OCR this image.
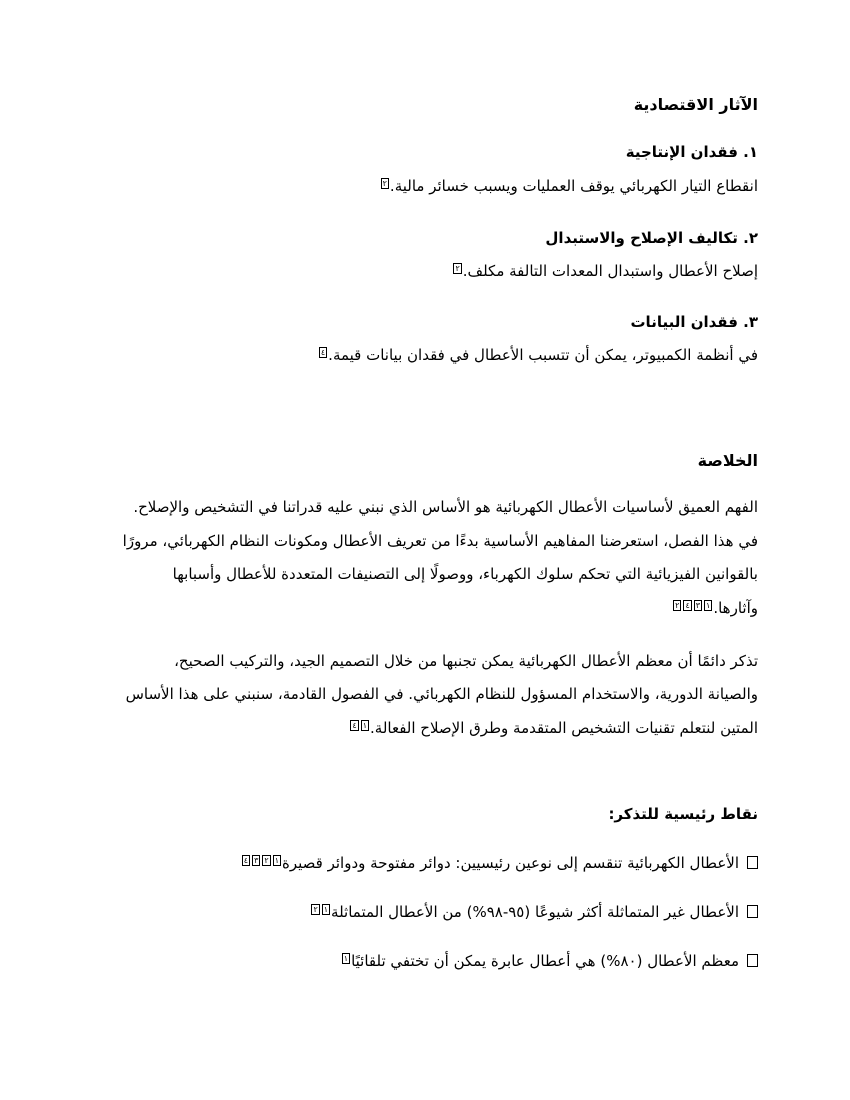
الآثار الاقتصادية
١. فقدان الإنتاجية
انقطاع التيار الكهربائي يوقف العمليات ويسبب خسائر مالية.٢
٢. تكاليف الإصلاح والاستبدال
إصلاح الأعطال واستبدال المعدات التالفة مكلف.٢
٣. فقدان البيانات
في أنظمة الكمبيوتر، يمكن أن تتسبب الأعطال في فقدان بيانات قيمة.٤
الخلاصة
الفهم العميق لأساسيات الأعطال الكهربائية هو الأساس الذي نبني عليه قدراتنا في التشخيص والإصلاح.
في هذا الفصل، استعرضنا المفاهيم الأساسية بدءًا من تعريف الأعطال ومكونات النظام الكهربائي، مرورًا
بالقوانين الفيزيائية التي تحكم سلوك الكهرباء، ووصولًا إلى التصنيفات المتعددة للأعطال وأسبابها
وآثارها.١٣٤٢
تذكر دائمًا أن معظم الأعطال الكهربائية يمكن تجنبها من خلال التصميم الجيد، والتركيب الصحيح،
والصيانة الدورية، والاستخدام المسؤول للنظام الكهربائي. في الفصول القادمة، سنبني على هذا الأساس
المتين لنتعلم تقنيات التشخيص المتقدمة وطرق الإصلاح الفعالة.١٤
نقاط رئيسية للتذكر:
الأعطال الكهربائية تنقسم إلى نوعين رئيسيين: دوائر مفتوحة ودوائر قصيرة١٢٣٤
الأعطال غير المتماثلة أكثر شيوعًا (٩٥-٩٨%) من الأعطال المتماثلة١٢
معظم الأعطال (٨٠%) هي أعطال عابرة يمكن أن تختفي تلقائيًا١
